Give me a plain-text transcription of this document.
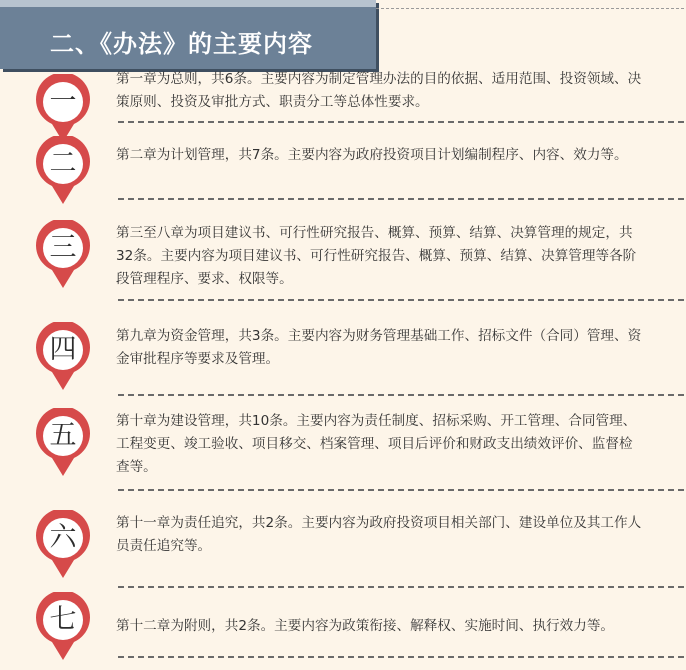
二、《办法》的主要内容
一

第一章为总则，共6条。主要内容为制定管理办法的目的依据、适用范围、投资领域、决策原则、投资及审批方式、职责分工等总体性要求。

二	第二章为计划管理，共7条。主要内容为政府投资项目计划编制程序、内容、效力等。

三	第三至八章为项目建议书、可行性研究报告、概算、预算、结算、决算管理的规定，共32条。主要内容为项目建议书、可行性研究报告、概算、预算、结算、决算管理等各阶段管理程序、要求、权限等。

四	第九章为资金管理，共3条。主要内容为财务管理基础工作、招标文件（合同）管理、资金审批程序等要求及管理。

五	第十章为建设管理，共10条。主要内容为责任制度、招标采购、开工管理、合同管理、工程变更、竣工验收、项目移交、档案管理、项目后评价和财政支出绩效评价、监督检查等。

六	第十一章为责任追究，共2条。主要内容为政府投资项目相关部门、建设单位及其工作人员责任追究等。

七	第十二章为附则，共2条。主要内容为政策衔接、解释权、实施时间、执行效力等。
